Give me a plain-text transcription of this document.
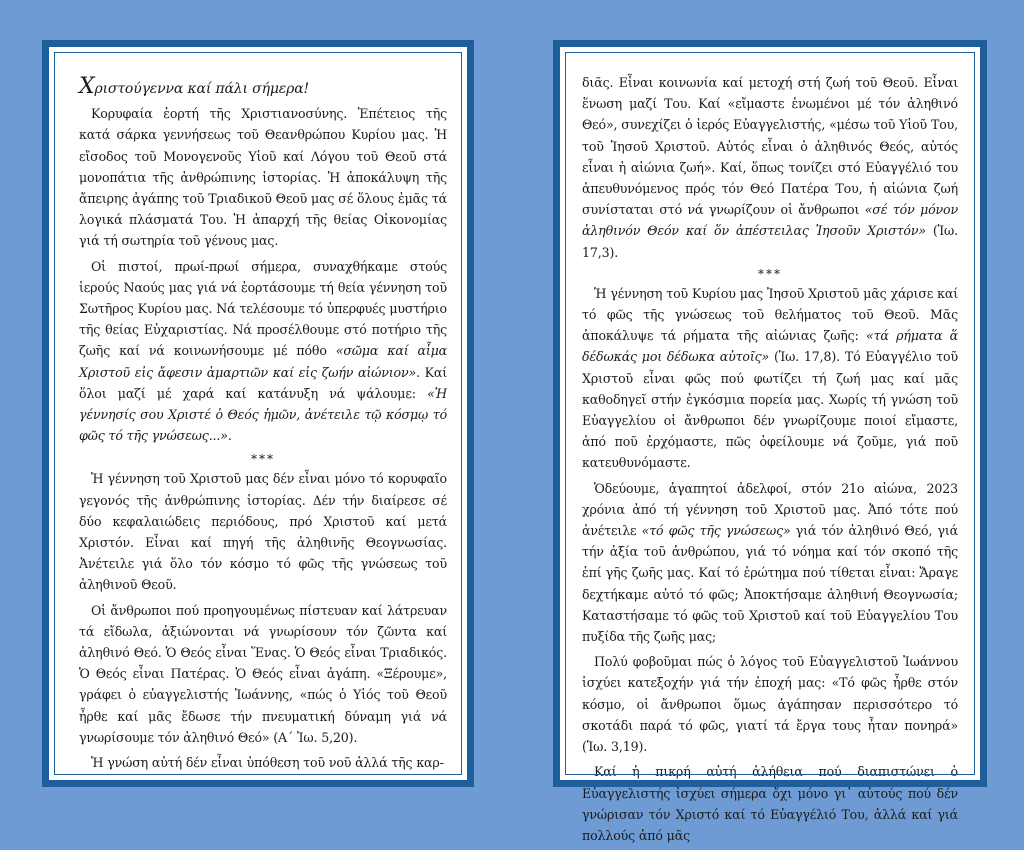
Χριστούγεννα καί πάλι σήμερα!

Κορυφαία ἑορτή τῆς Χριστιανοσύνης. Ἐπέτειος τῆς κατά σάρκα γεννήσεως τοῦ Θεανθρώπου Κυρίου μας. Ἡ εἴσοδος τοῦ Μονογενοῦς Υἱοῦ καί Λόγου τοῦ Θεοῦ στά μονοπάτια τῆς ἀνθρώπινης ἱστορίας. Ἡ ἀποκάλυψη τῆς ἄπειρης ἀγάπης τοῦ Τριαδικοῦ Θεοῦ μας σέ ὅλους ἐμᾶς τά λογικά πλάσματά Του. Ἡ ἀπαρχή τῆς θείας Οἰκονομίας γιά τή σωτηρία τοῦ γένους μας.

Οἱ πιστοί, πρωί-πρωί σήμερα, συναχθήκαμε στούς ἱερούς Ναούς μας γιά νά ἑορτάσουμε τή θεία γέννηση τοῦ Σωτῆρος Κυρίου μας. Νά τελέσουμε τό ὑπερφυές μυστήριο τῆς θείας Εὐχαριστίας. Νά προσέλθουμε στό ποτήριο τῆς ζωῆς καί νά κοινωνήσουμε μέ πόθο «σῶμα καί αἷμα Χριστοῦ εἰς ἄφεσιν ἁμαρτιῶν καί εἰς ζωήν αἰώνιον». Καί ὅλοι μαζί μέ χαρά καί κατάνυξη νά ψάλουμε: «Ἡ γέννησίς σου Χριστέ ὁ Θεός ἡμῶν, ἀνέτειλε τῷ κόσμῳ τό φῶς τό τῆς γνώσεως...».

***

Ἡ γέννηση τοῦ Χριστοῦ μας δέν εἶναι μόνο τό κορυφαῖο γεγονός τῆς ἀνθρώπινης ἱστορίας. Δέν τήν διαίρεσε σέ δύο κεφαλαιώδεις περιόδους, πρό Χριστοῦ καί μετά Χριστόν. Εἶναι καί πηγή τῆς ἀληθινῆς Θεογνωσίας. Ἀνέτειλε γιά ὅλο τόν κόσμο τό φῶς τῆς γνώσεως τοῦ ἀληθινοῦ Θεοῦ.

Οἱ ἄνθρωποι πού προηγουμένως πίστευαν καί λάτρευαν τά εἴδωλα, ἀξιώνονται νά γνωρίσουν τόν ζῶντα καί ἀληθινό Θεό. Ὁ Θεός εἶναι Ἕνας. Ὁ Θεός εἶναι Τριαδικός. Ὁ Θεός εἶναι Πατέρας. Ὁ Θεός εἶναι ἀγάπη. «Ξέρουμε», γράφει ὁ εὐαγγελιστής Ἰωάννης, «πώς ὁ Υἱός τοῦ Θεοῦ ἦρθε καί μᾶς ἔδωσε τήν πνευματική δύναμη γιά νά γνωρίσουμε τόν ἀληθινό Θεό» (Α΄ Ἰω. 5,20).

Ἡ γνώση αὐτή δέν εἶναι ὑπόθεση τοῦ νοῦ ἀλλά τῆς καρ-

διᾶς. Εἶναι κοινωνία καί μετοχή στή ζωή τοῦ Θεοῦ. Εἶναι ἕνωση μαζί Του. Καί «εἴμαστε ἑνωμένοι μέ τόν ἀληθινό Θεό», συνεχίζει ὁ ἱερός Εὐαγγελιστής, «μέσω τοῦ Υἱοῦ Του, τοῦ Ἰησοῦ Χριστοῦ. Αὐτός εἶναι ὁ ἀληθινός Θεός, αὐτός εἶναι ἡ αἰώνια ζωή». Καί, ὅπως τονίζει στό Εὐαγγέλιό του ἀπευθυνόμενος πρός τόν Θεό Πατέρα Του, ἡ αἰώνια ζωή συνίσταται στό νά γνωρίζουν οἱ ἄνθρωποι «σέ τόν μόνον ἀληθινόν Θεόν καί ὅν ἀπέστειλας Ἰησοῦν Χριστόν» (Ἰω. 17,3).

***

Ἡ γέννηση τοῦ Κυρίου μας Ἰησοῦ Χριστοῦ μᾶς χάρισε καί τό φῶς τῆς γνώσεως τοῦ θελήματος τοῦ Θεοῦ. Μᾶς ἀποκάλυψε τά ρήματα τῆς αἰώνιας ζωῆς: «τά ρήματα ἅ δέδωκάς μοι δέδωκα αὐτοῖς» (Ἰω. 17,8). Τό Εὐαγγέλιο τοῦ Χριστοῦ εἶναι φῶς πού φωτίζει τή ζωή μας καί μᾶς καθοδηγεῖ στήν ἐγκόσμια πορεία μας. Χωρίς τή γνώση τοῦ Εὐαγγελίου οἱ ἄνθρωποι δέν γνωρίζουμε ποιοί εἴμαστε, ἀπό ποῦ ἐρχόμαστε, πῶς ὀφείλουμε νά ζοῦμε, γιά ποῦ κατευθυνόμαστε.

Ὁδεύουμε, ἀγαπητοί ἀδελφοί, στόν 21ο αἰώνα, 2023 χρόνια ἀπό τή γέννηση τοῦ Χριστοῦ μας. Ἀπό τότε πού ἀνέτειλε «τό φῶς τῆς γνώσεως» γιά τόν ἀληθινό Θεό, γιά τήν ἀξία τοῦ ἀνθρώπου, γιά τό νόημα καί τόν σκοπό τῆς ἐπί γῆς ζωῆς μας. Καί τό ἐρώτημα πού τίθεται εἶναι: Ἄραγε δεχτήκαμε αὐτό τό φῶς; Ἀποκτήσαμε ἀληθινή Θεογνωσία; Καταστήσαμε τό φῶς τοῦ Χριστοῦ καί τοῦ Εὐαγγελίου Του πυξίδα τῆς ζωῆς μας;

Πολύ φοβοῦμαι πώς ὁ λόγος τοῦ Εὐαγγελιστοῦ Ἰωάννου ἰσχύει κατεξοχήν γιά τήν ἐποχή μας: «Τό φῶς ἦρθε στόν κόσμο, οἱ ἄνθρωποι ὅμως ἀγάπησαν περισσότερο τό σκοτάδι παρά τό φῶς, γιατί τά ἔργα τους ἦταν πονηρά» (Ἰω. 3,19).

Καί ἡ πικρή αὐτή ἀλήθεια πού διαπιστώνει ὁ Εὐαγγελιστής ἰσχύει σήμερα ὄχι μόνο γι᾽ αὐτούς πού δέν γνώρισαν τόν Χριστό καί τό Εὐαγγέλιό Του, ἀλλά καί γιά πολλούς ἀπό μᾶς
